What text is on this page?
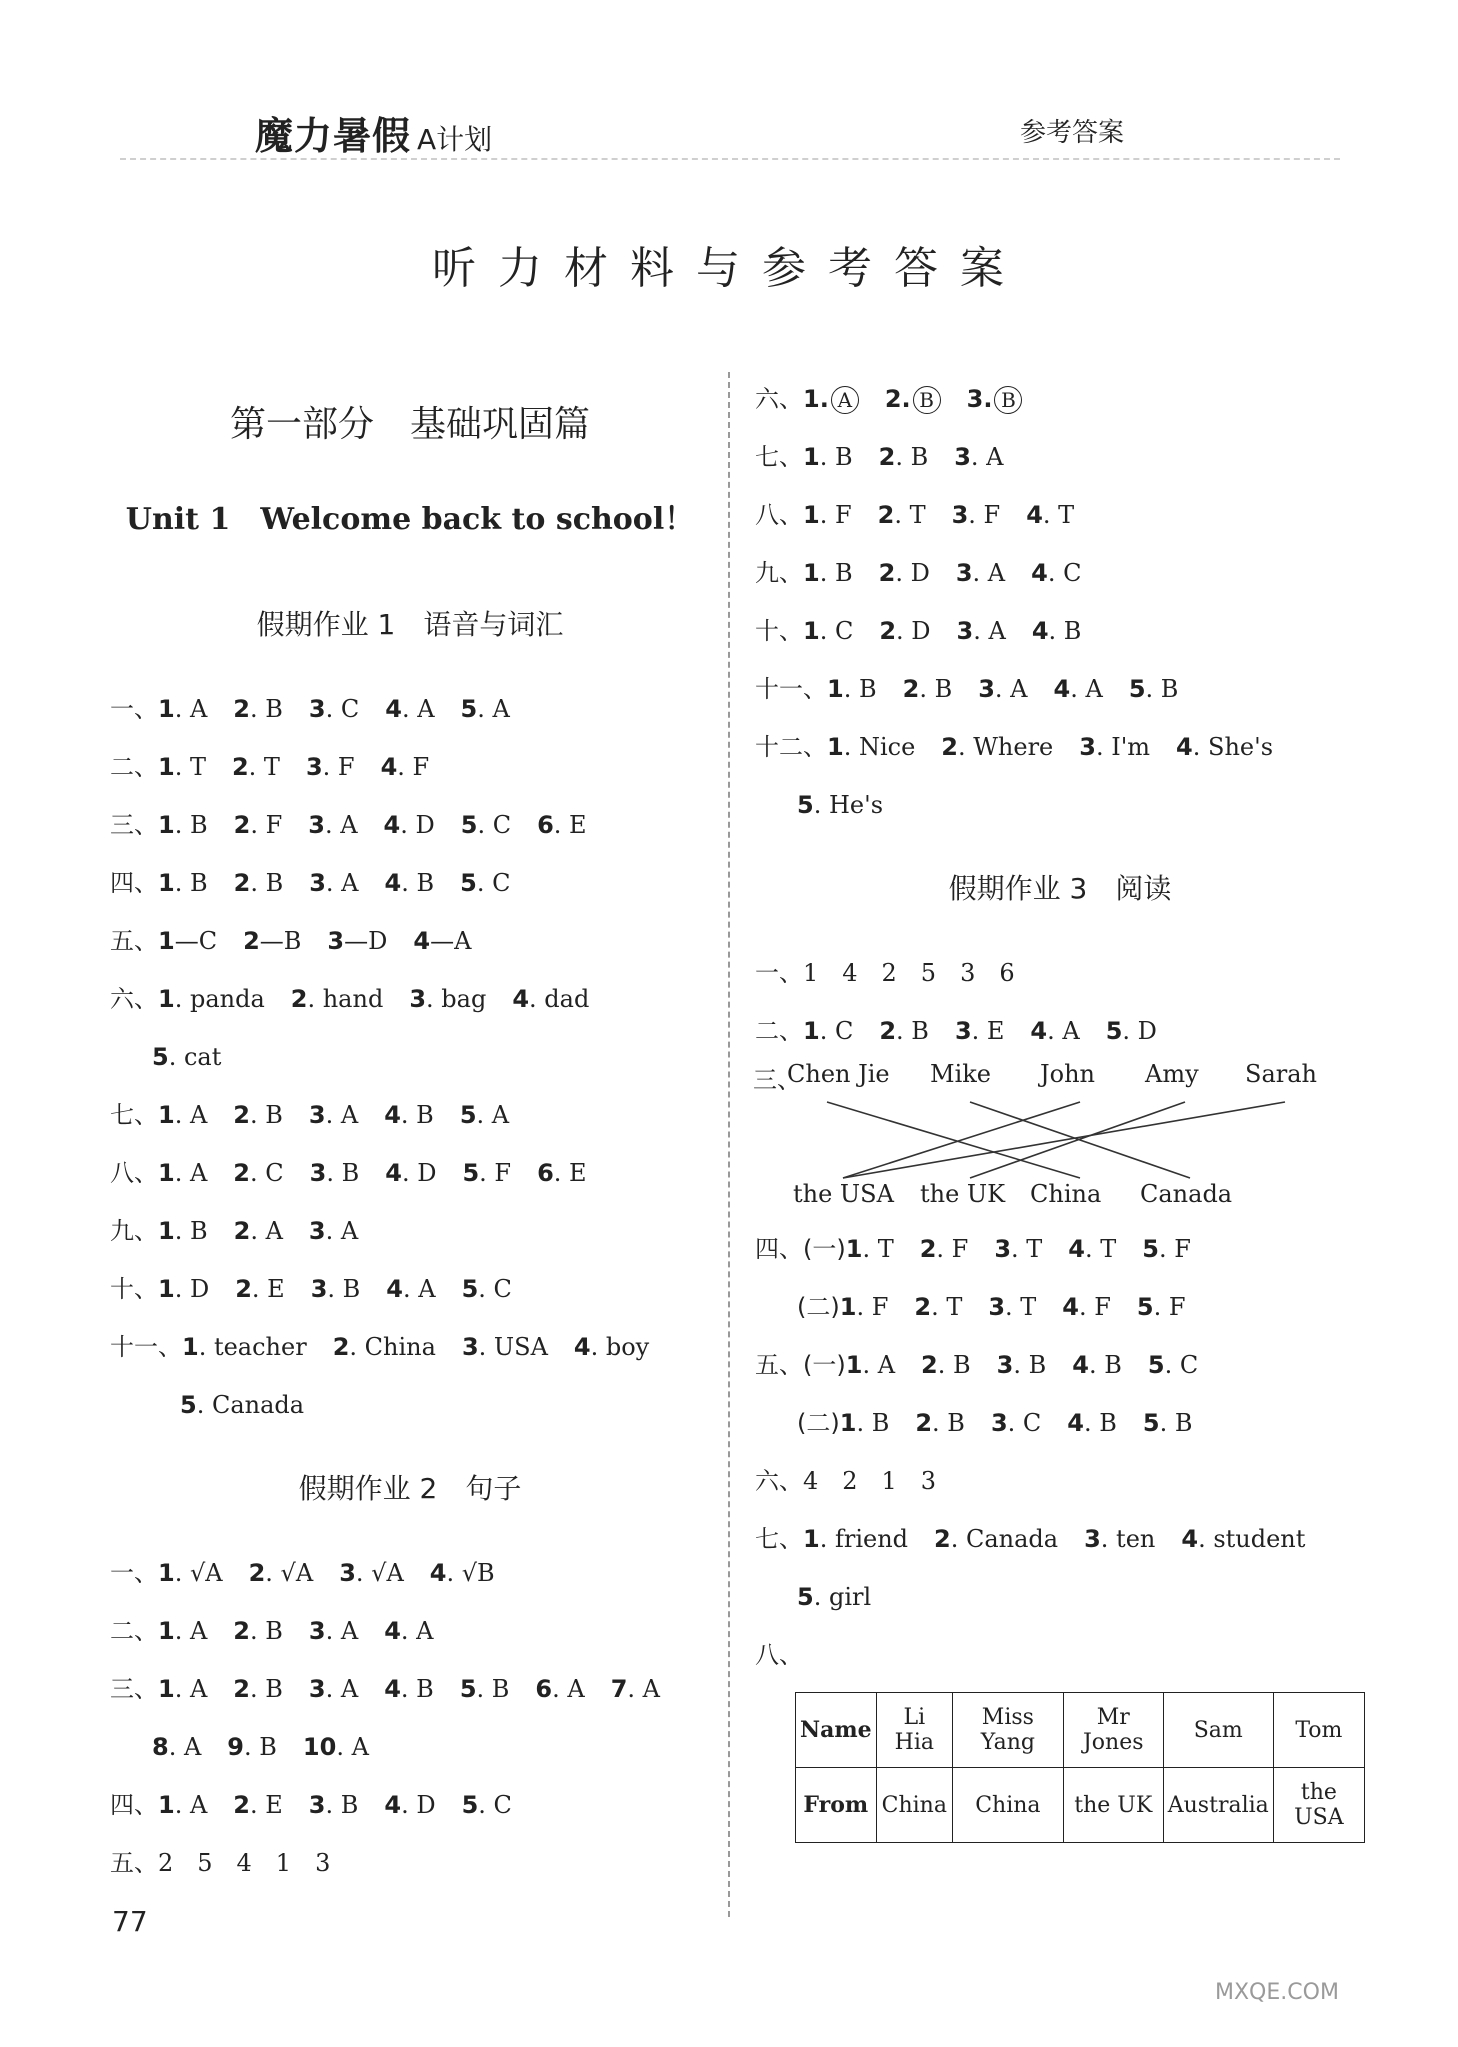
魔力暑假 A计划	参考答案
听力材料与参考答案
第一部分　基础巩固篇
Unit 1　Welcome back to school！
假期作业 1　语音与词汇
一、1. A 2. B 3. C 4. A 5. A
二、1. T 2. T 3. F 4. F
三、1. B 2. F 3. A 4. D 5. C 6. E
四、1. B 2. B 3. A 4. B 5. C
五、1—C 2—B 3—D 4—A
六、1. panda 2. hand 3. bag 4. dad
5. cat
七、1. A 2. B 3. A 4. B 5. A
八、1. A 2. C 3. B 4. D 5. F 6. E
九、1. B 2. A 3. A
十、1. D 2. E 3. B 4. A 5. C
十一、1. teacher 2. China 3. USA 4. boy
5. Canada
假期作业 2　句子
一、1. √A 2. √A 3. √A 4. √B
二、1. A 2. B 3. A 4. A
三、1. A 2. B 3. A 4. B 5. B 6. A 7. A
8. A 9. B 10. A
四、1. A 2. E 3. B 4. D 5. C
五、2　5　4　1　3
六、1. A 2. B 3. B
七、1. B 2. B 3. A
八、1. F 2. T 3. F 4. T
九、1. B 2. D 3. A 4. C
十、1. C 2. D 3. A 4. B
十一、1. B 2. B 3. A 4. A 5. B
十二、1. Nice 2. Where 3. I'm 4. She's
5. He's
假期作业 3　阅读
一、1　4　2　5　3　6
二、1. C 2. B 3. E 4. A 5. D
三、
Chen Jie Mike John Amy Sarah
the USA the UK China Canada
四、(一)1. T 2. F 3. T 4. T 5. F
(二)1. F 2. T 3. T 4. F 5. F
五、(一)1. A 2. B 3. B 4. B 5. C
(二)1. B 2. B 3. C 4. B 5. B
六、4　2　1　3
七、1. friend 2. Canada 3. ten 4. student
5. girl
八、
Name	Li Hia	Miss Yang	Mr Jones	Sam	Tom
From	China	China	the UK	Australia	the USA
77
MXQE.COM
